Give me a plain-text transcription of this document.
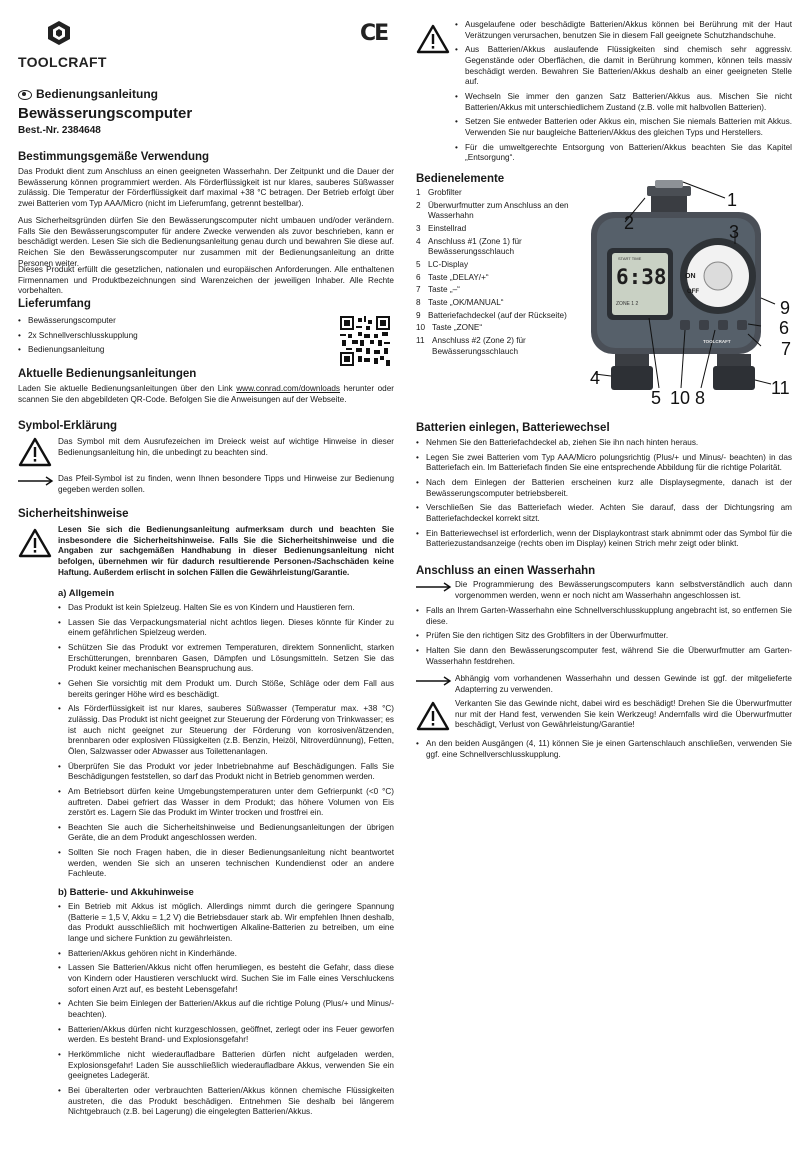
TOOLCRAFT
CE
Bedienungsanleitung
Bewässerungscomputer
Best.-Nr. 2384648
Bestimmungsgemäße Verwendung

Das Produkt dient zum Anschluss an einen geeigneten Wasserhahn. Der Zeitpunkt und die Dauer der Bewässerung können programmiert werden. Als Förderflüssigkeit ist nur klares, sauberes Süßwasser zulässig. Die Temperatur der Förderflüssigkeit darf maximal +38 °C betragen. Der Betrieb erfolgt über zwei Batterien vom Typ AAA/Micro (nicht im Lieferumfang, getrennt bestellbar).

Aus Sicherheitsgründen dürfen Sie den Bewässerungscomputer nicht umbauen und/oder verändern. Falls Sie den Bewässerungscomputer für andere Zwecke verwenden als zuvor beschrieben, kann er beschädigt werden. Lesen Sie sich die Bedienungsanleitung genau durch und bewahren Sie diese auf. Reichen Sie den Bewässerungscomputer nur zusammen mit der Bedienungsanleitung an dritte Personen weiter.

Dieses Produkt erfüllt die gesetzlichen, nationalen und europäischen Anforderungen. Alle enthaltenen Firmennamen und Produktbezeichnungen sind Warenzeichen der jeweiligen Inhaber. Alle Rechte vorbehalten.

Lieferumfang
• Bewässerungscomputer
• 2x Schnellverschlusskupplung
• Bedienungsanleitung
Aktuelle Bedienungsanleitungen

Laden Sie aktuelle Bedienungsanleitungen über den Link www.conrad.com/downloads herunter oder scannen Sie den abgebildeten QR-Code. Befolgen Sie die Anweisungen auf der Webseite.

Symbol-Erklärung

Das Symbol mit dem Ausrufezeichen im Dreieck weist auf wichtige Hinweise in dieser Bedienungsanleitung hin, die unbedingt zu beachten sind.

Das Pfeil-Symbol ist zu finden, wenn Ihnen besondere Tipps und Hinweise zur Bedienung gegeben werden sollen.

Sicherheitshinweise

Lesen Sie sich die Bedienungsanleitung aufmerksam durch und beachten Sie insbesondere die Sicherheitshinweise. Falls Sie die Sicherheitshinweise und die Angaben zur sachgemäßen Handhabung in dieser Bedienungsanleitung nicht befolgen, übernehmen wir für dadurch resultierende Personen-/Sachschäden keine Haftung. Außerdem erlischt in solchen Fällen die Gewährleistung/Garantie.

a) Allgemein
• Das Produkt ist kein Spielzeug. Halten Sie es von Kindern und Haustieren fern.
• Lassen Sie das Verpackungsmaterial nicht achtlos liegen. Dieses könnte für Kinder zu einem gefährlichen Spielzeug werden.
• Schützen Sie das Produkt vor extremen Temperaturen, direktem Sonnenlicht, starken Erschütterungen, brennbaren Gasen, Dämpfen und Lösungsmitteln. Setzen Sie das Produkt keiner mechanischen Beanspruchung aus.
• Gehen Sie vorsichtig mit dem Produkt um. Durch Stöße, Schläge oder dem Fall aus bereits geringer Höhe wird es beschädigt.
• Als Förderflüssigkeit ist nur klares, sauberes Süßwasser (Temperatur max. +38 °C) zulässig. Das Produkt ist nicht geeignet zur Steuerung der Förderung von Trinkwasser; es ist auch nicht geeignet zur Steuerung der Förderung von korrosiven/ätzenden, brennbaren oder explosiven Flüssigkeiten (z.B. Benzin, Heizöl, Nitroverdünnung), Fetten, Ölen, Salzwasser oder Abwasser aus Toilettenanlagen.
• Überprüfen Sie das Produkt vor jeder Inbetriebnahme auf Beschädigungen. Falls Sie Beschädigungen feststellen, so darf das Produkt nicht in Betrieb genommen werden.
• Am Betriebsort dürfen keine Umgebungstemperaturen unter dem Gefrierpunkt (<0 °C) auftreten. Dabei gefriert das Wasser in dem Produkt; das höhere Volumen von Eis zerstört es. Lagern Sie das Produkt im Winter trocken und frostfrei ein.
• Beachten Sie auch die Sicherheitshinweise und Bedienungsanleitungen der übrigen Geräte, die an dem Produkt angeschlossen werden.
• Sollten Sie noch Fragen haben, die in dieser Bedienungsanleitung nicht beantwortet werden, wenden Sie sich an unseren technischen Kundendienst oder an andere Fachleute.
b) Batterie- und Akkuhinweise
• Ein Betrieb mit Akkus ist möglich. Allerdings nimmt durch die geringere Spannung (Batterie = 1,5 V, Akku = 1,2 V) die Betriebsdauer stark ab. Wir empfehlen Ihnen deshalb, das Produkt ausschließlich mit hochwertigen Alkaline-Batterien zu betreiben, um eine lange und sichere Funktion zu gewährleisten.
• Batterien/Akkus gehören nicht in Kinderhände.
• Lassen Sie Batterien/Akkus nicht offen herumliegen, es besteht die Gefahr, dass diese von Kindern oder Haustieren verschluckt wird. Suchen Sie im Falle eines Verschluckens sofort einen Arzt auf, es besteht Lebensgefahr!
• Achten Sie beim Einlegen der Batterien/Akkus auf die richtige Polung (Plus/+ und Minus/- beachten).
• Batterien/Akkus dürfen nicht kurzgeschlossen, geöffnet, zerlegt oder ins Feuer geworfen werden. Es besteht Brand- und Explosionsgefahr!
• Herkömmliche nicht wiederaufladbare Batterien dürfen nicht aufgeladen werden, Explosionsgefahr! Laden Sie ausschließlich wiederaufladbare Akkus, verwenden Sie ein geeignetes Ladegerät.
• Bei überalterten oder verbrauchten Batterien/Akkus können chemische Flüssigkeiten austreten, die das Produkt beschädigen. Entnehmen Sie deshalb bei längerem Nichtgebrauch (z.B. bei Lagerung) die eingelegten Batterien/Akkus.
• Ausgelaufene oder beschädigte Batterien/Akkus können bei Berührung mit der Haut Verätzungen verursachen, benutzen Sie in diesem Fall geeignete Schutzhandschuhe.
• Aus Batterien/Akkus auslaufende Flüssigkeiten sind chemisch sehr aggressiv. Gegenstände oder Oberflächen, die damit in Berührung kommen, können teils massiv beschädigt werden. Bewahren Sie Batterien/Akkus deshalb an einer geeigneten Stelle auf.
• Wechseln Sie immer den ganzen Satz Batterien/Akkus aus. Mischen Sie nicht Batterien/Akkus mit unterschiedlichem Zustand (z.B. volle mit halbvollen Batterien).
• Setzen Sie entweder Batterien oder Akkus ein, mischen Sie niemals Batterien mit Akkus. Verwenden Sie nur baugleiche Batterien/Akkus des gleichen Typs und Herstellers.
• Für die umweltgerechte Entsorgung von Batterien/Akkus beachten Sie das Kapitel „Entsorgung“.
Bedienelemente
1 Grobfilter
2 Überwurfmutter zum Anschluss an den Wasserhahn
3 Einstellrad
4 Anschluss #1 (Zone 1) für Bewässerungsschlauch
5 LC-Display
6 Taste „DELAY/+“
7 Taste „–“
8 Taste „OK/MANUAL“
9 Batteriefachdeckel (auf der Rückseite)
10 Taste „ZONE“
11 Anschluss #2 (Zone 2) für Bewässerungsschlauch
6:38
START TIME
ZONE 1 2
ON
OFF
TOOLCRAFT
1
2	3
4
5
6
7
8
9
10	11
Batterien einlegen, Batteriewechsel
• Nehmen Sie den Batteriefachdeckel ab, ziehen Sie ihn nach hinten heraus.
• Legen Sie zwei Batterien vom Typ AAA/Micro polungsrichtig (Plus/+ und Minus/- beachten) in das Batteriefach ein. Im Batteriefach finden Sie eine entsprechende Abbildung für die richtige Polarität.
• Nach dem Einlegen der Batterien erscheinen kurz alle Displaysegmente, danach ist der Bewässerungscomputer betriebsbereit.
• Verschließen Sie das Batteriefach wieder. Achten Sie darauf, dass der Dichtungsring am Batteriefachdeckel korrekt sitzt.
• Ein Batteriewechsel ist erforderlich, wenn der Displaykontrast stark abnimmt oder das Symbol für die Batteriezustandsanzeige (rechts oben im Display) keinen Strich mehr zeigt oder blinkt.
Anschluss an einen Wasserhahn

Die Programmierung des Bewässerungscomputers kann selbstverständlich auch dann vorgenommen werden, wenn er noch nicht am Wasserhahn angeschlossen ist.

• Falls an Ihrem Garten-Wasserhahn eine Schnellverschlusskupplung angebracht ist, so entfernen Sie diese.
• Prüfen Sie den richtigen Sitz des Grobfilters in der Überwurfmutter.
• Halten Sie dann den Bewässerungscomputer fest, während Sie die Überwurfmutter am Garten-Wasserhahn festdrehen.

Abhängig vom vorhandenen Wasserhahn und dessen Gewinde ist ggf. der mitgelieferte Adapterring zu verwenden.

Verkanten Sie das Gewinde nicht, dabei wird es beschädigt! Drehen Sie die Überwurfmutter nur mit der Hand fest, verwenden Sie kein Werkzeug! Andernfalls wird die Überwurfmutter beschädigt, Verlust von Gewährleistung/Garantie!

• An den beiden Ausgängen (4, 11) können Sie je einen Gartenschlauch anschließen, verwenden Sie ggf. eine Schnellverschlusskupplung.
